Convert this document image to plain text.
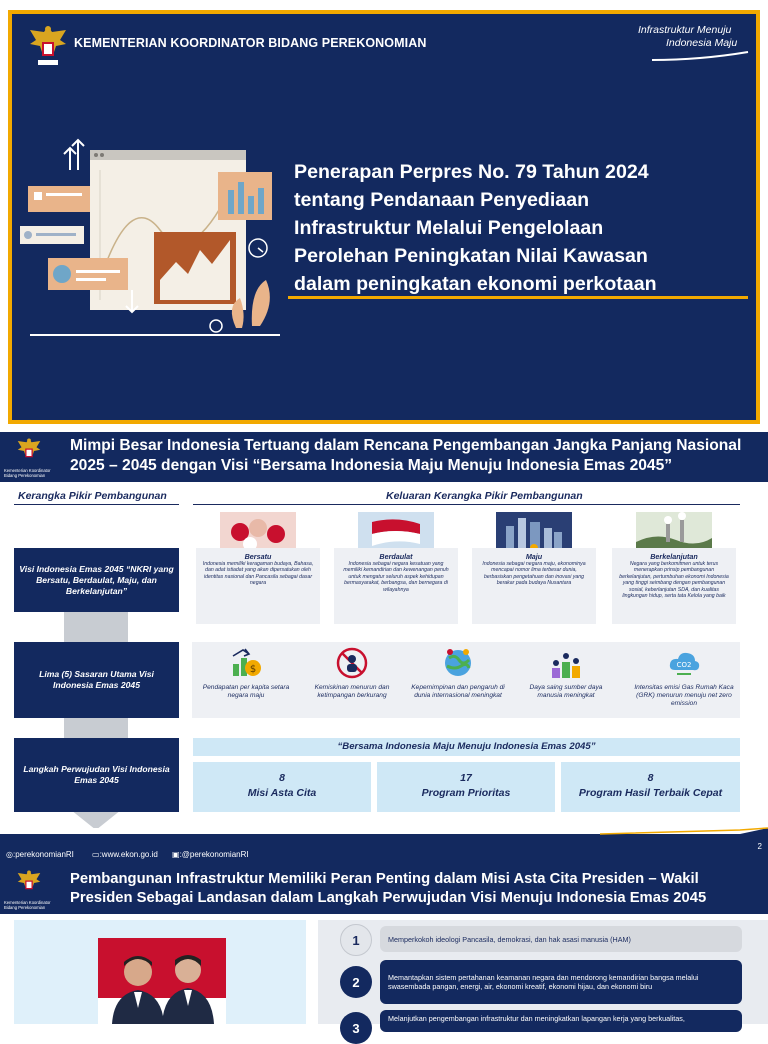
KEMENTERIAN KOORDINATOR BIDANG PEREKONOMIAN
Infrastruktur Menuju
Indonesia Maju
Penerapan Perpres No. 79 Tahun 2024
tentang Pendanaan Penyediaan
Infrastruktur Melalui Pengelolaan
Perolehan Peningkatan Nilai Kawasan
dalam peningkatan ekonomi perkotaan
Kementerian Koordinator
Bidang Perekonomian
Mimpi Besar Indonesia Tertuang dalam Rencana Pengembangan Jangka Panjang Nasional
2025 – 2045 dengan Visi “Bersama Indonesia Maju Menuju Indonesia Emas 2045”
Kerangka Pikir Pembangunan	Keluaran Kerangka Pikir Pembangunan
Visi Indonesia Emas 2045 “NKRI yang Bersatu, Berdaulat, Maju, dan Berkelanjutan”
Lima (5) Sasaran Utama Visi Indonesia Emas 2045
Langkah Perwujudan Visi Indonesia Emas 2045
Bersatu
Indonesia memiliki keragaman budaya, Bahasa, dan adat istiadat yang akan dipersatukan oleh identitas nasional dan Pancasila sebagai dasar negara
Berdaulat
Indonesia sebagai negara kesatuan yang memiliki kemandirian dan kewenangan penuh untuk mengatur seluruh aspek kehidupan bermasyarakat, berbangsa, dan bernegara di wilayahnya
Maju
Indonesia sebagai negara maju, ekonominya mencapai nomor lima terbesar dunia, berbasiskan pengetahuan dan inovasi yang berakar pada budaya Nusantara
Berkelanjutan
Negara yang berkomitmen untuk terus menerapkan prinsip pembangunan berkelanjutan, pertumbuhan ekonomi Indonesia yang tinggi seimbang dengan pembangunan sosial, keberlanjutan SDA, dan kualitas lingkungan hidup, serta tata Kelola yang baik
$
Pendapatan per kapita setara negara maju
Kemiskinan menurun dan ketimpangan berkurang
Kepemimpinan dan pengaruh di dunia internasional meningkat
Daya saing sumber daya manusia meningkat
CO2
Intensitas emisi Gas Rumah Kaca (GRK) menurun menuju net zero emission
“Bersama Indonesia Maju Menuju Indonesia Emas 2045”
8
Misi Asta Cita
17
Program Prioritas
8
Program Hasil Terbaik Cepat
◎:perekonomianRI ▭:www.ekon.go.id ▣:@perekonomianRI
2
Kementerian Koordinator
Bidang Perekonomian
Pembangunan Infrastruktur Memiliki Peran Penting dalam Misi Asta Cita Presiden – Wakil
Presiden Sebagai Landasan dalam Langkah Perwujudan Visi Menuju Indonesia Emas 2045
1	Memperkokoh ideologi Pancasila, demokrasi, dan hak asasi manusia (HAM)
2	Memantapkan sistem pertahanan keamanan negara dan mendorong kemandirian bangsa melalui swasembada pangan, energi, air, ekonomi kreatif, ekonomi hijau, dan ekonomi biru
3
Melanjutkan pengembangan infrastruktur dan meningkatkan lapangan kerja yang berkualitas,
